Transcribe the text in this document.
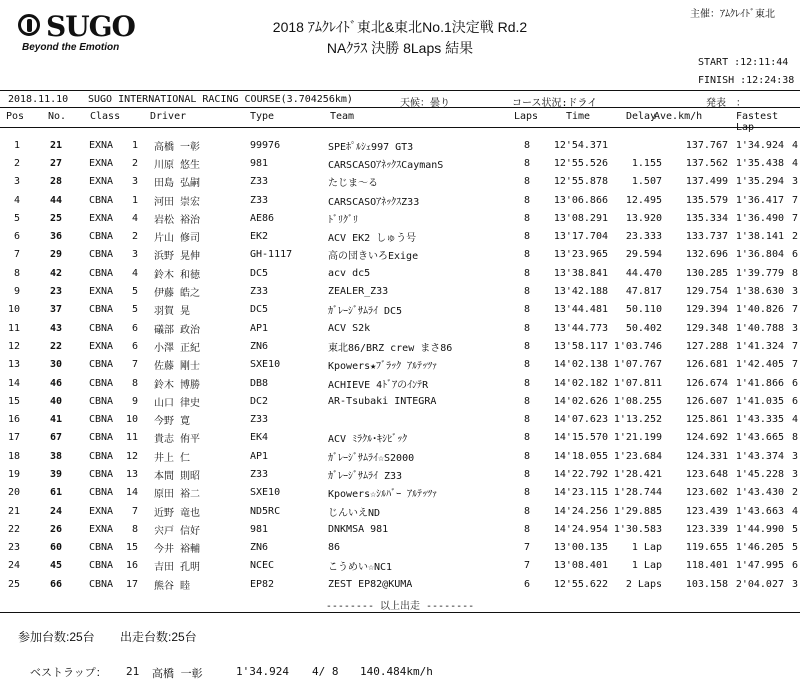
SUGO
Beyond the Emotion
主催：ｱﾑｸﾚｲﾄﾞ東北
2018 ｱﾑｸﾚｲﾄﾞ東北&東北No.1決定戦 Rd.2
NAｸﾗｽ 決勝 8Laps 結果
START :12:11:44
FINISH :12:24:38
2018.11.10 SUGO INTERNATIONAL RACING COURSE(3.704256km)	天候：曇り	コース状況:ドライ	発表　：
Pos No. Class	Driver	Type	Team	Laps	Time	Delay
Ave.km/h	Fastest Lap
1	21	EXNA	1	高橋 一彰	99976	SPEﾎﾟﾙｼｪ997 GT3	8	12'54.371		137.767	1'34.924	4
2	27	EXNA	2	川原 悠生	981	CARSCASOｱﾈｯｸｽCaymanS	8	12'55.526	1.155	137.562	1'35.438	4
3	28	EXNA	3	田島 弘嗣	Z33	たじま～る	8	12'55.878	1.507	137.499	1'35.294	3
4	44	CBNA	1	河田 崇宏	Z33	CARSCASOｱﾈｯｸｽZ33	8	13'06.866	12.495	135.579	1'36.417	7
5	25	EXNA	4	岩松 裕治	AE86	ﾄﾞﾘｸﾞﾘ	8	13'08.291	13.920	135.334	1'36.490	7
6	36	CBNA	2	片山 修司	EK2	ACV EK2 しゅう号	8	13'17.704	23.333	133.737	1'38.141	2
7	29	CBNA	3	浜野 晃伸	GH-1117	高の団きいろExige	8	13'23.965	29.594	132.696	1'36.804	6
8	42	CBNA	4	鈴木 和徳	DC5	acv dc5	8	13'38.841	44.470	130.285	1'39.779	8
9	23	EXNA	5	伊藤 皓之	Z33	ZEALER_Z33	8	13'42.188	47.817	129.754	1'38.630	3
10	37	CBNA	5	羽賀 晃	DC5	ｶﾞﾚｰｼﾞｻﾑﾗｲ DC5	8	13'44.481	50.110	129.394	1'40.826	7
11	43	CBNA	6	礒部 政治	AP1	ACV S2k	8	13'44.773	50.402	129.348	1'40.788	3
12	22	EXNA	6	小澤 正紀	ZN6	東北86/BRZ crew まさ86	8	13'58.117	1'03.746	127.288	1'41.324	7
13	30	CBNA	7	佐藤 剛士	SXE10	Kpowers★ﾌﾞﾗｯｸ ｱﾙﾃｯﾂｧ	8	14'02.138	1'07.767	126.681	1'42.405	7
14	46	CBNA	8	鈴木 博勝	DB8	ACHIEVE 4ﾄﾞｱのｲﾝﾃR	8	14'02.182	1'07.811	126.674	1'41.866	6
15	40	CBNA	9	山口 律史	DC2	AR-Tsubaki INTEGRA	8	14'02.626	1'08.255	126.607	1'41.035	6
16	41	CBNA	10	今野 寛	Z33		8	14'07.623	1'13.252	125.861	1'43.335	4
17	67	CBNA	11	貴志 侑平	EK4	ACV ﾐﾗｸﾙ･ｷｼﾋﾞｯｸ	8	14'15.570	1'21.199	124.692	1'43.665	8
18	38	CBNA	12	井上 仁	AP1	ｶﾞﾚｰｼﾞｻﾑﾗｲ☆S2000	8	14'18.055	1'23.684	124.331	1'43.374	3
19	39	CBNA	13	本間 則昭	Z33	ｶﾞﾚｰｼﾞｻﾑﾗｲ Z33	8	14'22.792	1'28.421	123.648	1'45.228	3
20	61	CBNA	14	原田 裕二	SXE10	Kpowers☆ｼﾙﾊﾞｰ ｱﾙﾃｯﾂｧ	8	14'23.115	1'28.744	123.602	1'43.430	2
21	24	EXNA	7	近野 竜也	ND5RC	じんいえND	8	14'24.256	1'29.885	123.439	1'43.663	4
22	26	EXNA	8	宍戸 信好	981	DNKMSA 981	8	14'24.954	1'30.583	123.339	1'44.990	5
23	60	CBNA	15	今井 裕輔	ZN6	86	7	13'00.135	1 Lap	119.655	1'46.205	5
24	45	CBNA	16	吉田 孔明	NCEC	こうめい☆NC1	7	13'08.401	1 Lap	118.401	1'47.995	6
25	66	CBNA	17	熊谷 睦	EP82	ZEST EP82@KUMA	6	12'55.622	2 Laps	103.158	2'04.027	3
-------- 以上出走 --------
参加台数:25台 出走台数:25台
ベストラップ： 21 高橋 一彰	1'34.924 4/ 8 140.484km/h
